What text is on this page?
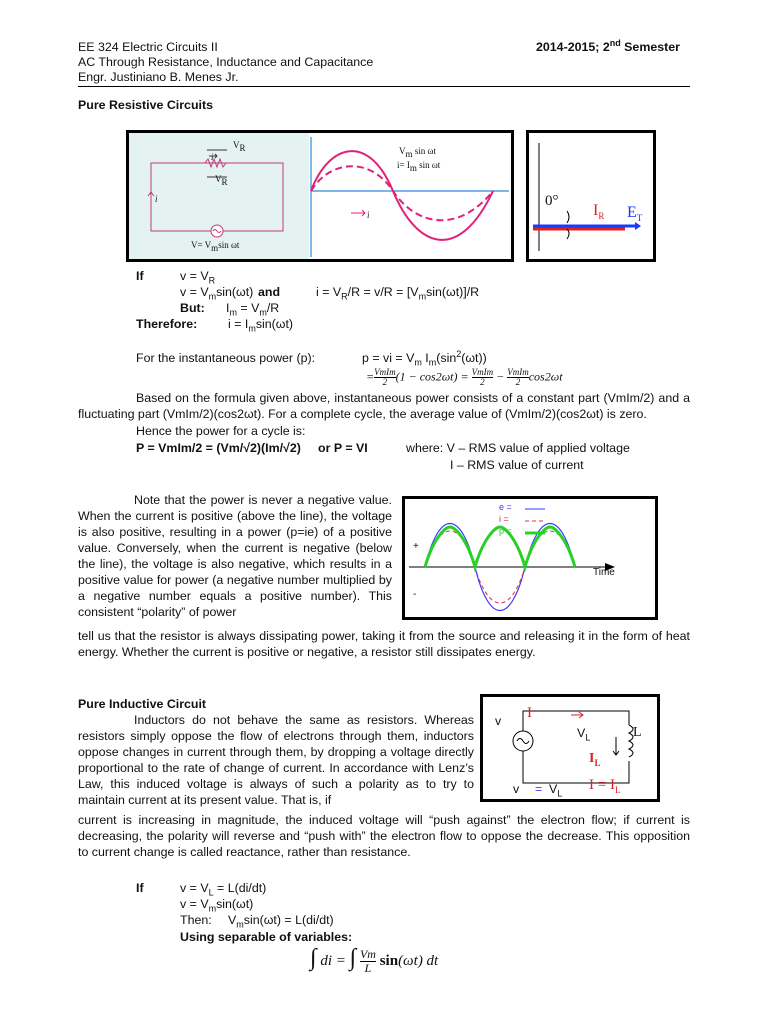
EE 324 Electric Circuits II	2014-2015; 2nd Semester
AC Through Resistance, Inductance and Capacitance
Engr. Justiniano B. Menes Jr.
Pure Resistive Circuits
$V_R$
i
$V_R$
i
$V= V_m\sin$ ωt
$V_m$ sin ωt
$i= I_m$ sin ωt
i
0°
$I_R$ $E_T$
If	$v = V_R$
$v = V_m\sin(\omega t)$ and	$i = V_R/R = v/R = [V_m\sin(\omega t)]/R$
But: $I_m = V_m/R$
Therefore: $i = I_m\sin(\omega t)$
For the instantaneous power (p):	p = vi = $V_m$ $I_m(\sin^2(\omega t))$
= VmIm
2 (1 − cos2ωt) = VmIm
2 − VmIm
2 cos2ωt
Based on the formula given above, instantaneous power consists of a constant part (VmIm/2) and a fluctuating part (VmIm/2)(cos2ωt). For a complete cycle, the average value of (VmIm/2)(cos2ωt) is zero.
Hence the power for a cycle is:
P = VmIm/2 = (Vm/√2)(Im/√2) or P = VI	where: V – RMS value of applied voltage
I – RMS value of current
Note that the power is never a negative value. When the current is positive (above the line), the voltage is also positive, resulting in a power (p=ie) of a positive value. Conversely, when the current is negative (below the line), the voltage is also negative, which results in a positive value for power (a negative number multiplied by a negative number equals a positive number). This consistent “polarity” of power
e =
i =
p =
+
-
Time
tell us that the resistor is always dissipating power, taking it from the source and releasing it in the form of heat energy. Whether the current is positive or negative, a resistor still dissipates energy.
Pure Inductive Circuit
Inductors do not behave the same as resistors. Whereas resistors simply oppose the flow of electrons through them, inductors oppose changes in current through them, by dropping a voltage directly proportional to the rate of change of current. In accordance with Lenz’s Law, this induced voltage is always of such a polarity as to try to maintain current at its present value. That is, if
v I
$V_L$	L
$I_L$
$v = V_L$
$I = I_L$
current is increasing in magnitude, the induced voltage will “push against” the electron flow; if current is decreasing, the polarity will reverse and “push with” the electron flow to oppose the decrease. This opposition to current change is called reactance, rather than resistance.
If	$v = V_L = L(di/dt)$
$v = V_m\sin(\omega t)$
Then: $V_m\sin(\omega t) = L(di/dt)$
Using separable of variables:
∫ di = ∫ $\frac{Vm}{L} \sin(\omega t)$ dt
